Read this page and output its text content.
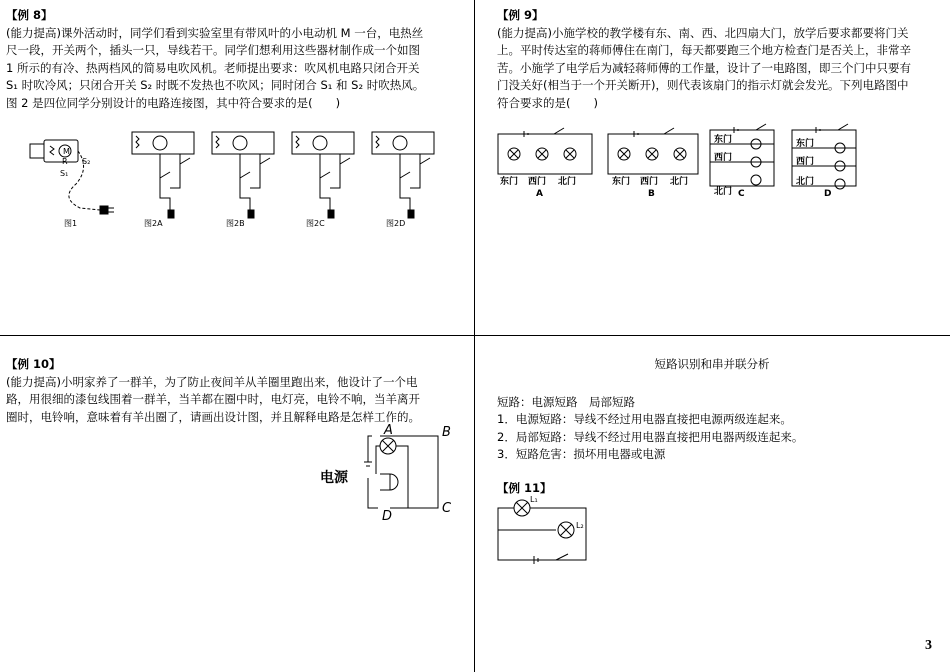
【例 8】

(能力提高)课外活动时，同学们看到实验室里有带风叶的小电动机 M 一台，电热丝

尺一段，开关两个，插头一只，导线若干。同学们想利用这些器材制作成一个如图

1 所示的有冷、热两档风的简易电吹风机。老师提出要求：吹风机电路只闭合开关

S₁ 时吹冷风；只闭合开关 S₂ 时既不发热也不吹风；同时闭合 S₁ 和 S₂ 时吹热风。

图 2 是四位同学分别设计的电路连接图，其中符合要求的是(　　)

R
M
S₁
S₂
图1	图2A	图2B	图2C	图2D

【例 9】

(能力提高)小施学校的教学楼有东、南、西、北四扇大门，放学后要求都要将门关

上。平时传达室的蒋师傅住在南门，每天都要跑三个地方检查门是否关上，非常辛

苦。小施学了电学后为减轻蒋师傅的工作量，设计了一电路图，即三个门中只要有

门没关好(相当于一个开关断开)，则代表该扇门的指示灯就会发光。下列电路图中

符合要求的是(　　)

东门 西门 北门
A
东门 西门 北门
B
东门
西门
北门 C
东门
西门
北门
D

【例 10】

(能力提高)小明家养了一群羊，为了防止夜间羊从羊圈里跑出来，他设计了一个电

路，用很细的漆包线围着一群羊，当羊都在圈中时，电灯亮，电铃不响，当羊离开

圈时，电铃响，意味着有羊出圈了，请画出设计图，并且解释电路是怎样工作的。

电源
A	B
C
D

短路识别和串并联分析

短路：电源短路　局部短路

1．电源短路：导线不经过用电器直接把电源两级连起来。

2．局部短路：导线不经过用电器直接把用电器两级连起来。

3．短路危害：损坏用电器或电源

【例 11】

L₁
L₂
3
